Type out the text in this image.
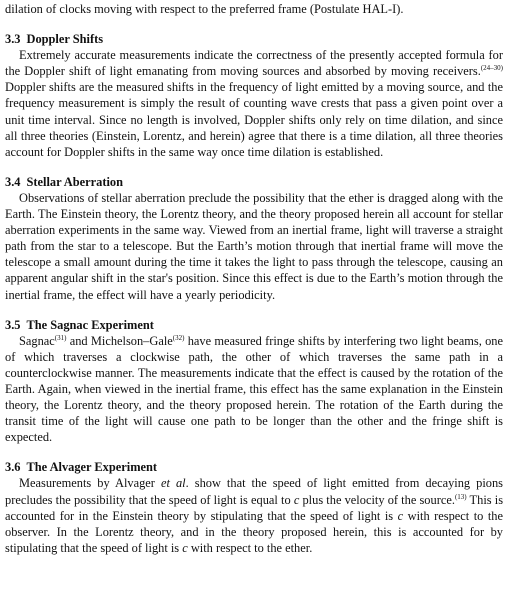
dilation of clocks moving with respect to the preferred frame (Postulate HAL-I).

3.3 Doppler Shifts

Extremely accurate measurements indicate the correctness of the presently accepted formula for the Doppler shift of light emanating from moving sources and absorbed by moving receivers.$^{(24-30)}$ Doppler shifts are the measured shifts in the frequency of light emitted by a moving source, and the frequency measurement is simply the result of counting wave crests that pass a given point over a unit time interval. Since no length is involved, Doppler shifts only rely on time dilation, and since all three theories (Einstein, Lorentz, and herein) agree that there is a time dilation, all three theories account for Doppler shifts in the same way once time dilation is established.

3.4 Stellar Aberration

Observations of stellar aberration preclude the possibility that the ether is dragged along with the Earth. The Einstein theory, the Lorentz theory, and the theory proposed herein all account for stellar aberration experiments in the same way. Viewed from an inertial frame, light will traverse a straight path from the star to a telescope. But the Earth’s motion through that inertial frame will move the telescope a small amount during the time it takes the light to pass through the telescope, causing an apparent angular shift in the star's position. Since this effect is due to the Earth’s motion through the inertial frame, the effect will have a yearly periodicity.

3.5 The Sagnac Experiment

Sagnac$^{(31)}$ and Michelson–Gale$^{(32)}$ have measured fringe shifts by interfering two light beams, one of which traverses a clockwise path, the other of which traverses the same path in a counterclockwise manner. The measurements indicate that the effect is caused by the rotation of the Earth. Again, when viewed in the inertial frame, this effect has the same explanation in the Einstein theory, the Lorentz theory, and the theory proposed herein. The rotation of the Earth during the transit time of the light will cause one path to be longer than the other and the fringe shift is expected.

3.6 The Alvager Experiment

Measurements by Alvager et al. show that the speed of light emitted from decaying pions precludes the possibility that the speed of light is equal to c plus the velocity of the source.$^{(13)}$ This is accounted for in the Einstein theory by stipulating that the speed of light is c with respect to the observer. In the Lorentz theory, and in the theory proposed herein, this is accounted for by stipulating that the speed of light is c with respect to the ether.
